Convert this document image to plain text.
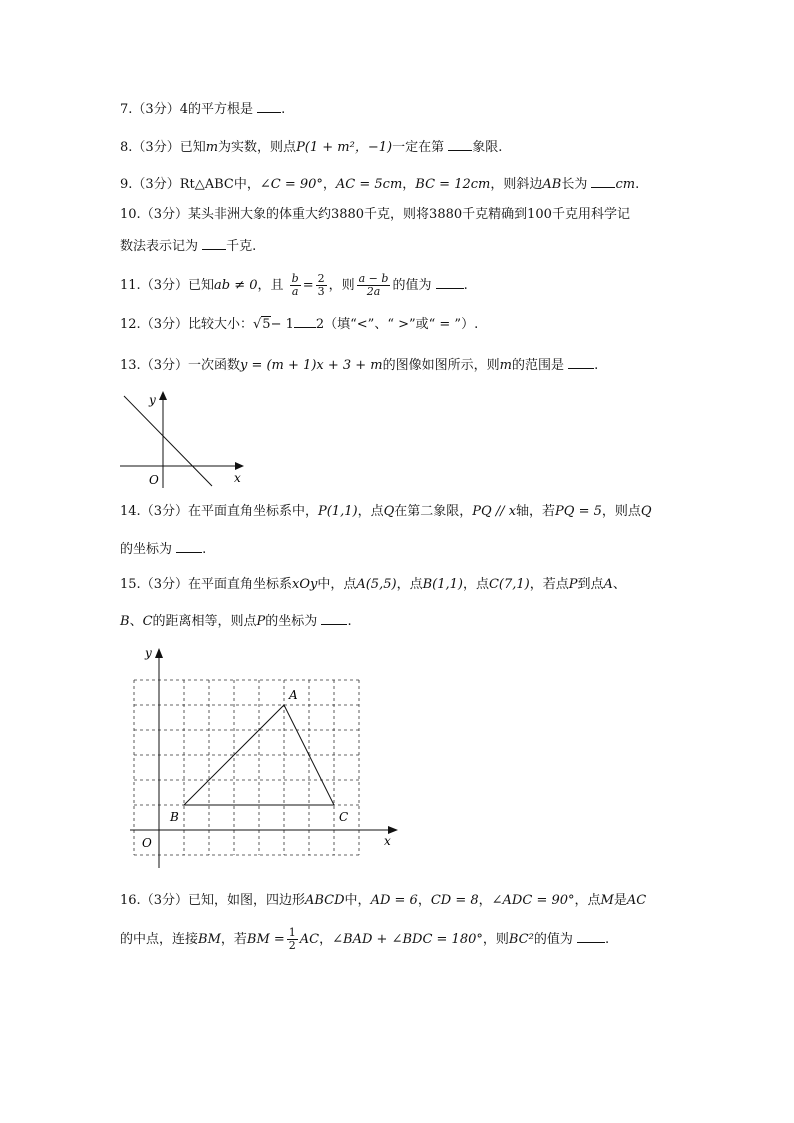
7.（3分）4的平方根是 .
8.（3分）已知m为实数，则点P(1 + m²，−1)一定在第 象限.
9.（3分）Rt△ABC中，∠C = 90°，AC = 5cm，BC = 12cm，则斜边AB长为 cm.
10.（3分）某头非洲大象的体重大约3880千克，则将3880千克精确到100千克用科学记
数法表示记为 千克.
11.（3分）已知ab ≠ 0，且 $\frac{b}{a} = \frac{2}{3}$ ，则 $\frac{a - b}{2a}$ 的值为 .
12.（3分）比较大小：√5− 1 2（填“<”、“ >”或“ = ”）.
13.（3分）一次函数y = (m + 1)x + 3 + m的图像如图所示，则m的范围是 .
y
x
O
14.（3分）在平面直角坐标系中，P(1,1)，点Q在第二象限，PQ // x轴，若PQ = 5，则点Q
的坐标为 .
15.（3分）在平面直角坐标系xOy中，点A(5,5)，点B(1,1)，点C(7,1)，若点P到点A、
B、C的距离相等，则点P的坐标为 .
y
x
O
A
B	C
16.（3分）已知，如图，四边形ABCD中，AD = 6，CD = 8，∠ADC = 90°，点M是AC
的中点，连接BM，若BM = $\frac{1}{2}$ AC，∠BAD + ∠BDC = 180°，则BC²的值为 .
